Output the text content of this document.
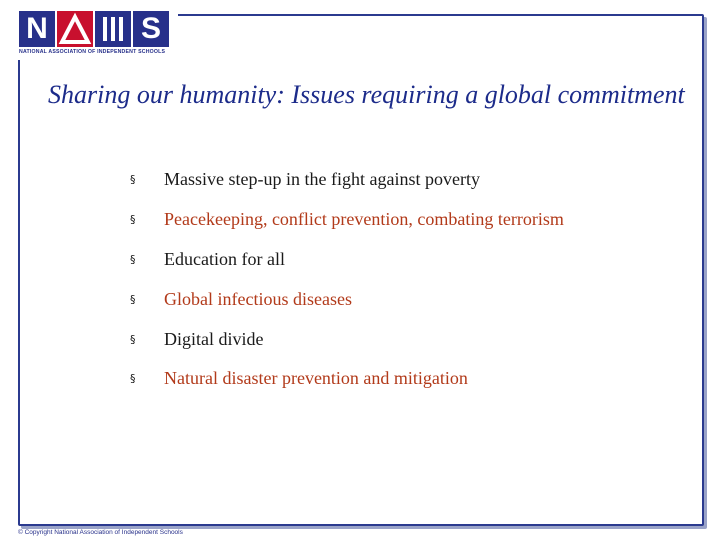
N	S
NATIONAL ASSOCIATION OF INDEPENDENT SCHOOLS
Sharing our humanity: Issues requiring a global commitment
§	Massive step-up in the fight against poverty
§	Peacekeeping, conflict prevention, combating terrorism
§	Education for all
§	Global infectious diseases
§	Digital divide
§	Natural disaster prevention and mitigation
© Copyright National Association of Independent Schools
